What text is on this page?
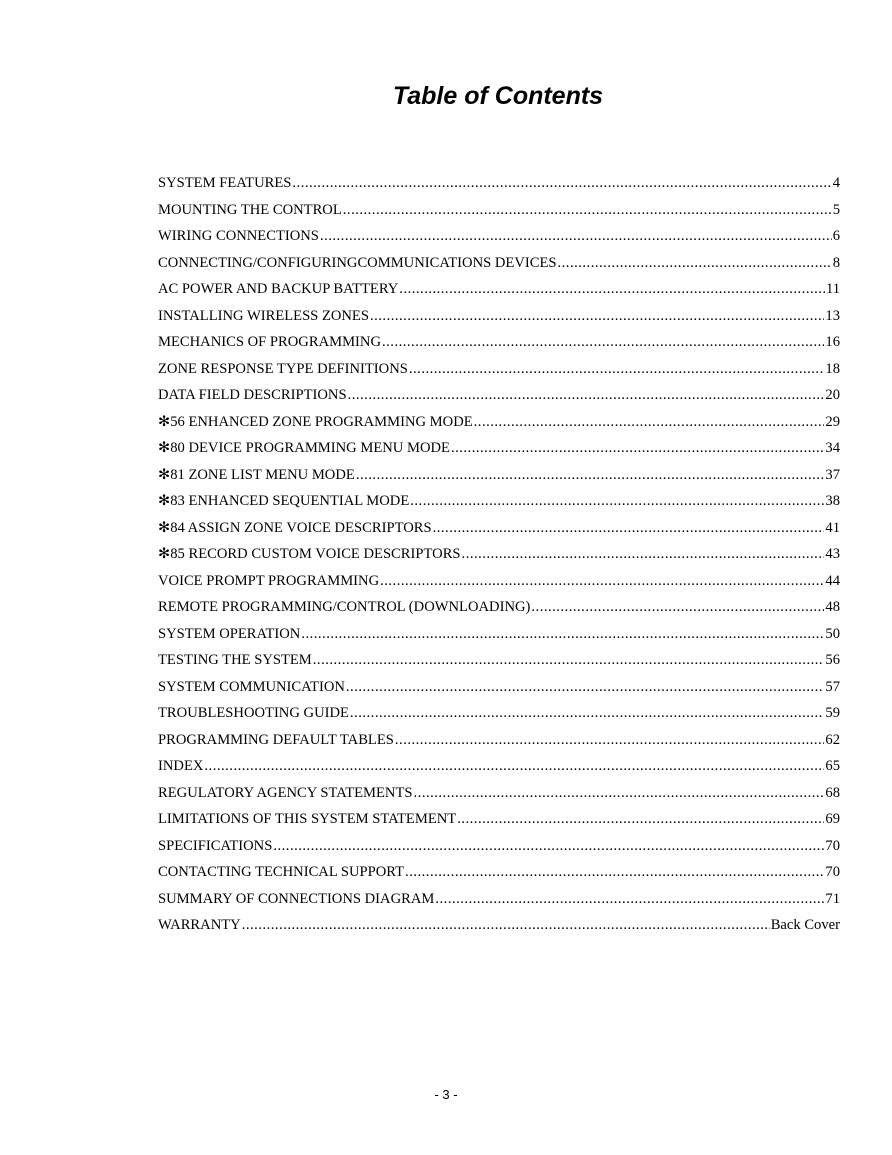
Table of Contents
SYSTEM FEATURES .....	4
MOUNTING THE CONTROL .....	5
WIRING CONNECTIONS .....	6
CONNECTING/CONFIGURINGCOMMUNICATIONS DEVICES .....	8
AC POWER AND BACKUP BATTERY .....	11
INSTALLING WIRELESS ZONES .....	13
MECHANICS OF PROGRAMMING .....	16
ZONE RESPONSE TYPE DEFINITIONS .....	18
DATA FIELD DESCRIPTIONS .....	20
✻56 ENHANCED ZONE PROGRAMMING MODE .....	29
✻80 DEVICE PROGRAMMING MENU MODE .....	34
✻81 ZONE LIST MENU MODE .....	37
✻83 ENHANCED SEQUENTIAL MODE .....	38
✻84 ASSIGN ZONE VOICE DESCRIPTORS .....	41
✻85 RECORD CUSTOM VOICE DESCRIPTORS .....	43
VOICE PROMPT PROGRAMMING .....	44
REMOTE PROGRAMMING/CONTROL (DOWNLOADING) .....	48
SYSTEM OPERATION .....	50
TESTING THE SYSTEM .....	56
SYSTEM COMMUNICATION .....	57
TROUBLESHOOTING GUIDE .....	59
PROGRAMMING DEFAULT TABLES .....	62
INDEX .....	65
REGULATORY AGENCY STATEMENTS .....	68
LIMITATIONS OF THIS SYSTEM STATEMENT .....	69
SPECIFICATIONS .....	70
CONTACTING TECHNICAL SUPPORT .....	70
SUMMARY OF CONNECTIONS DIAGRAM .....	71
WARRANTY .....	Back Cover
- 3 -
